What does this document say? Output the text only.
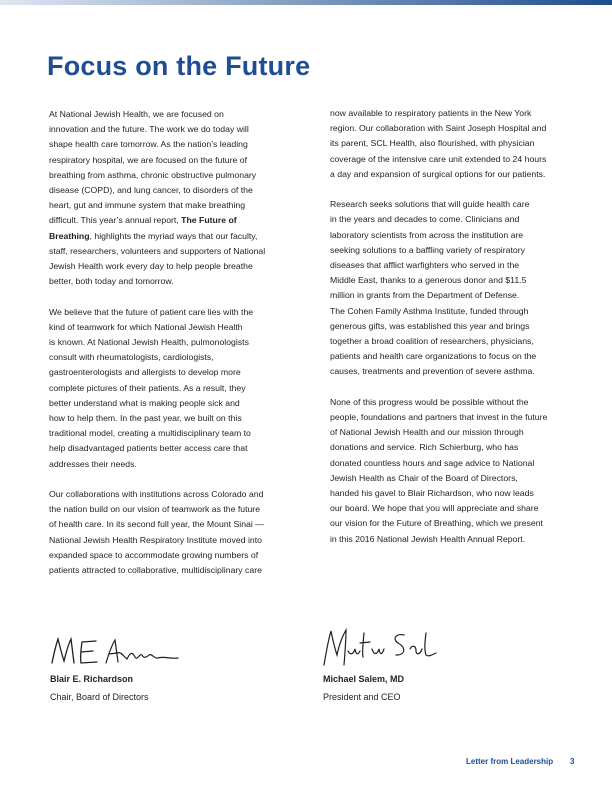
Focus on the Future

At National Jewish Health, we are focused on
innovation and the future. The work we do today will
shape health care tomorrow. As the nation’s leading
respiratory hospital, we are focused on the future of
breathing from asthma, chronic obstructive pulmonary
disease (COPD), and lung cancer, to disorders of the
heart, gut and immune system that make breathing
difficult. This year’s annual report, The Future of
Breathing, highlights the myriad ways that our faculty,
staff, researchers, volunteers and supporters of National
Jewish Health work every day to help people breathe
better, both today and tomorrow.

We believe that the future of patient care lies with the
kind of teamwork for which National Jewish Health
is known. At National Jewish Health, pulmonologists
consult with rheumatologists, cardiologists,
gastroenterologists and allergists to develop more
complete pictures of their patients. As a result, they
better understand what is making people sick and
how to help them. In the past year, we built on this
traditional model, creating a multidisciplinary team to
help disadvantaged patients better access care that
addresses their needs.

Our collaborations with institutions across Colorado and
the nation build on our vision of teamwork as the future
of health care. In its second full year, the Mount Sinai —
National Jewish Health Respiratory Institute moved into
expanded space to accommodate growing numbers of
patients attracted to collaborative, multidisciplinary care

now available to respiratory patients in the New York
region. Our collaboration with Saint Joseph Hospital and
its parent, SCL Health, also flourished, with physician
coverage of the intensive care unit extended to 24 hours
a day and expansion of surgical options for our patients.

Research seeks solutions that will guide health care
in the years and decades to come. Clinicians and
laboratory scientists from across the institution are
seeking solutions to a baffling variety of respiratory
diseases that afflict warfighters who served in the
Middle East, thanks to a generous donor and $11.5
million in grants from the Department of Defense.
The Cohen Family Asthma Institute, funded through
generous gifts, was established this year and brings
together a broad coalition of researchers, physicians,
patients and health care organizations to focus on the
causes, treatments and prevention of severe asthma.

None of this progress would be possible without the
people, foundations and partners that invest in the future
of National Jewish Health and our mission through
donations and service. Rich Schierburg, who has
donated countless hours and sage advice to National
Jewish Health as Chair of the Board of Directors,
handed his gavel to Blair Richardson, who now leads
our board. We hope that you will appreciate and share
our vision for the Future of Breathing, which we present
in this 2016 National Jewish Health Annual Report.

Blair E. Richardson
Chair, Board of Directors
Michael Salem, MD
President and CEO
Letter from Leadership 3
